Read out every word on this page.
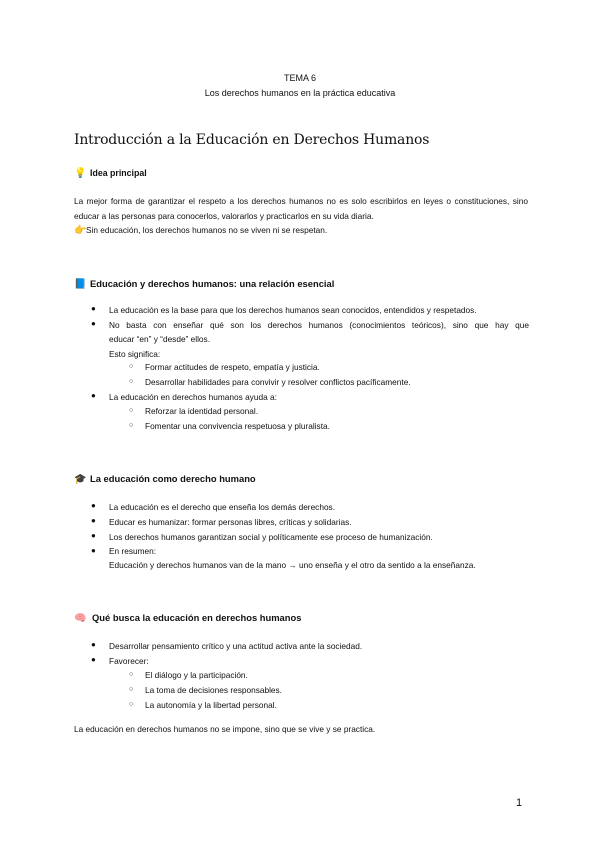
TEMA 6
Los derechos humanos en la práctica educativa
Introducción a la Educación en Derechos Humanos
💡 Idea principal
La mejor forma de garantizar el respeto a los derechos humanos no es solo escribirlos en leyes o constituciones, sino educar a las personas para conocerlos, valorarlos y practicarlos en su vida diaria.
👉Sin educación, los derechos humanos no se viven ni se respetan.
📘 Educación y derechos humanos: una relación esencial
● La educación es la base para que los derechos humanos sean conocidos, entendidos y respetados.
● No basta con enseñar qué son los derechos humanos (conocimientos teóricos), sino que hay que
educar “en” y “desde” ellos.
Esto significa:
○ Formar actitudes de respeto, empatía y justicia.
○ Desarrollar habilidades para convivir y resolver conflictos pacíficamente.
● La educación en derechos humanos ayuda a:
○ Reforzar la identidad personal.
○ Fomentar una convivencia respetuosa y pluralista.
🎓 La educación como derecho humano
● La educación es el derecho que enseña los demás derechos.
● Educar es humanizar: formar personas libres, críticas y solidarias.
● Los derechos humanos garantizan social y políticamente ese proceso de humanización.
● En resumen:
Educación y derechos humanos van de la mano → uno enseña y el otro da sentido a la enseñanza.
🧠 Qué busca la educación en derechos humanos
● Desarrollar pensamiento crítico y una actitud activa ante la sociedad.
● Favorecer:
○ El diálogo y la participación.
○ La toma de decisiones responsables.
○ La autonomía y la libertad personal.
La educación en derechos humanos no se impone, sino que se vive y se practica.
1
